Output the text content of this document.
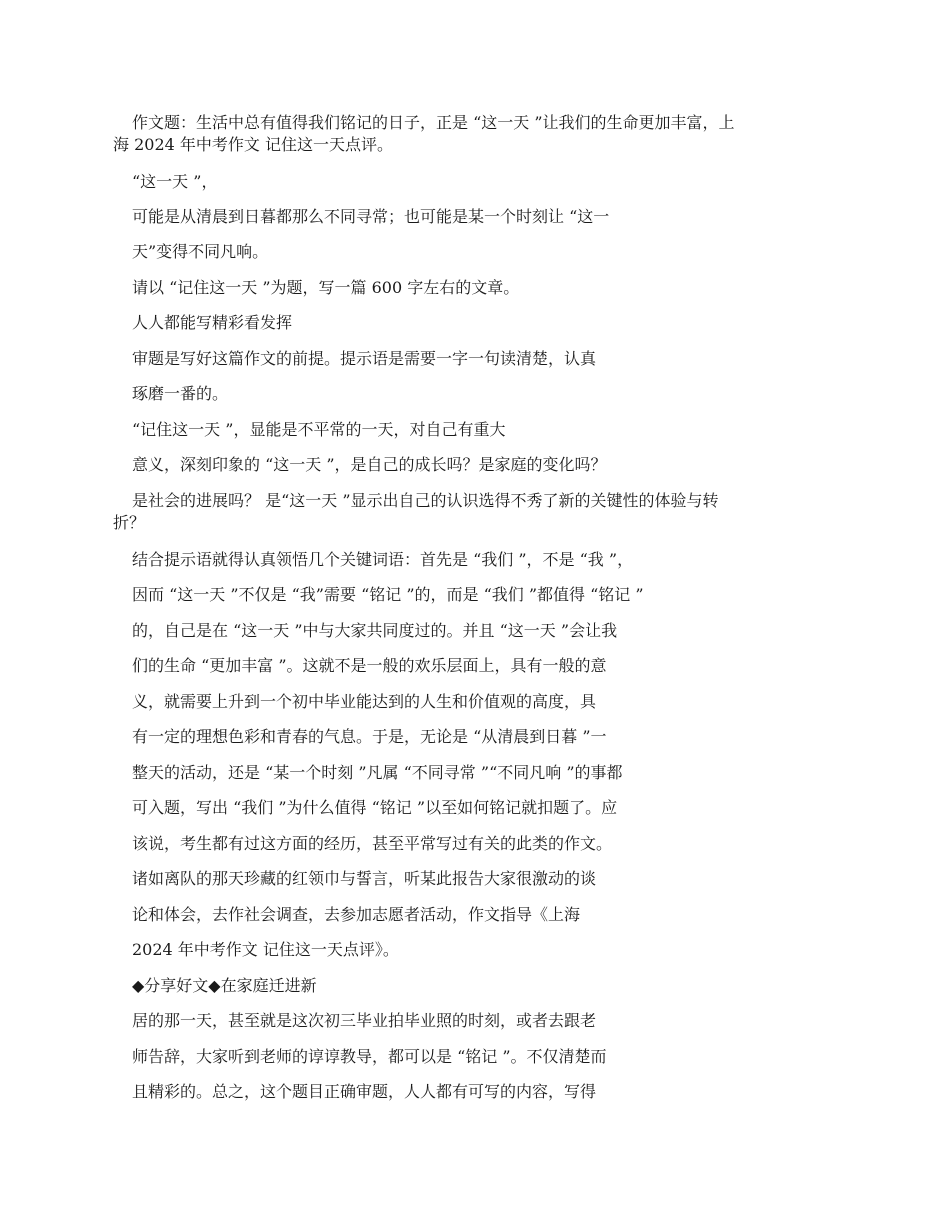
作文题：生活中总有值得我们铭记的日子，正是 “这一天 ”让我们的生命更加丰富，上
海 2024 年中考作文 记住这一天点评。
“这一天 ”，
可能是从清晨到日暮都那么不同寻常；也可能是某一个时刻让 “这一
天”变得不同凡响。
请以 “记住这一天 ”为题，写一篇 600 字左右的文章。
人人都能写精彩看发挥
审题是写好这篇作文的前提。提示语是需要一字一句读清楚，认真
琢磨一番的。
“记住这一天 ”，显能是不平常的一天，对自己有重大
意义，深刻印象的 “这一天 ”，是自己的成长吗？是家庭的变化吗？
是社会的进展吗？ 是“这一天 ”显示出自己的认识选得不秀了新的关键性的体验与转
折？
结合提示语就得认真领悟几个关键词语：首先是 “我们 ”，不是 “我 ”，
因而 “这一天 ”不仅是 “我”需要 “铭记 ”的，而是 “我们 ”都值得 “铭记 ”
的，自己是在 “这一天 ”中与大家共同度过的。并且 “这一天 ”会让我
们的生命 “更加丰富 ”。这就不是一般的欢乐层面上，具有一般的意
义，就需要上升到一个初中毕业能达到的人生和价值观的高度，具
有一定的理想色彩和青春的气息。于是，无论是 “从清晨到日暮 ”一
整天的活动，还是 “某一个时刻 ”凡属 “不同寻常 ”“不同凡响 ”的事都
可入题，写出 “我们 ”为什么值得 “铭记 ”以至如何铭记就扣题了。应
该说，考生都有过这方面的经历，甚至平常写过有关的此类的作文。
诸如离队的那天珍藏的红领巾与誓言，听某此报告大家很激动的谈
论和体会，去作社会调查，去参加志愿者活动，作文指导《上海
2024 年中考作文 记住这一天点评》。
◆分享好文◆在家庭迁进新
居的那一天，甚至就是这次初三毕业拍毕业照的时刻，或者去跟老
师告辞，大家听到老师的谆谆教导，都可以是 “铭记 ”。不仅清楚而
且精彩的。总之，这个题目正确审题，人人都有可写的内容，写得
